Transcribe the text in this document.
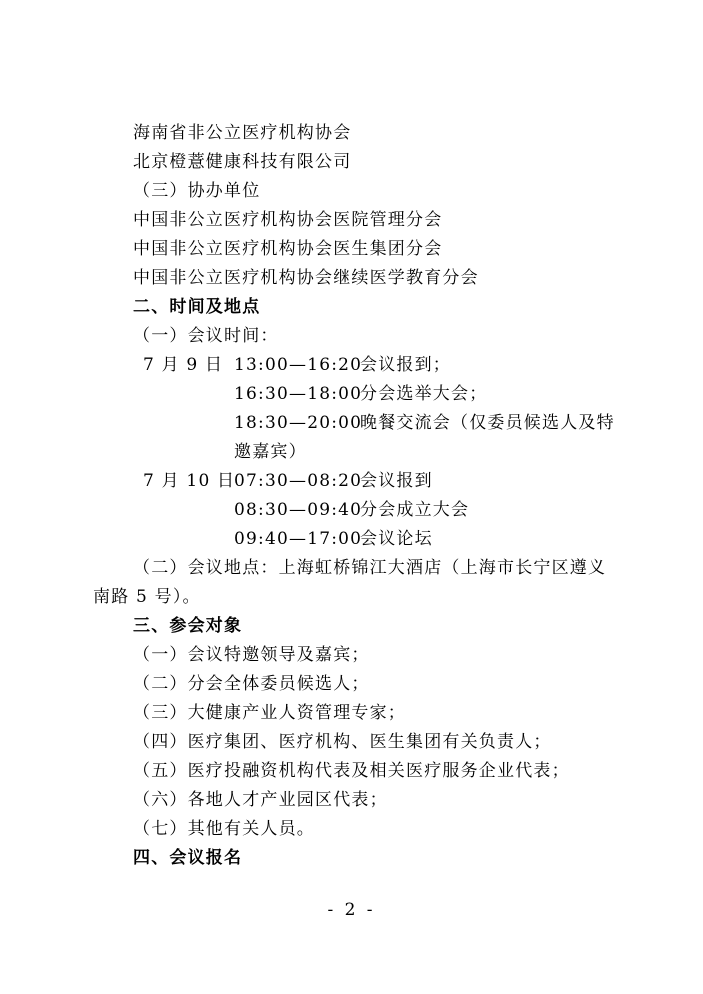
海南省非公立医疗机构协会
北京橙薏健康科技有限公司
（三）协办单位
中国非公立医疗机构协会医院管理分会
中国非公立医疗机构协会医生集团分会
中国非公立医疗机构协会继续医学教育分会
二、时间及地点
（一）会议时间：
7 月 9 日 13:00—16:20
会议报到；
16:30—18:00
分会选举大会；
18:30—20:00
晚餐交流会（仅委员候选人及特
邀嘉宾）
7 月 10 日
07:30—08:20
会议报到
08:30—09:40
分会成立大会
09:40—17:00
会议论坛
（二）会议地点：上海虹桥锦江大酒店（上海市长宁区遵义
南路 5 号）。
三、参会对象
（一）会议特邀领导及嘉宾；
（二）分会全体委员候选人；
（三）大健康产业人资管理专家；
（四）医疗集团、医疗机构、医生集团有关负责人；
（五）医疗投融资机构代表及相关医疗服务企业代表；
（六）各地人才产业园区代表；
（七）其他有关人员。
四、会议报名
- 2 -
